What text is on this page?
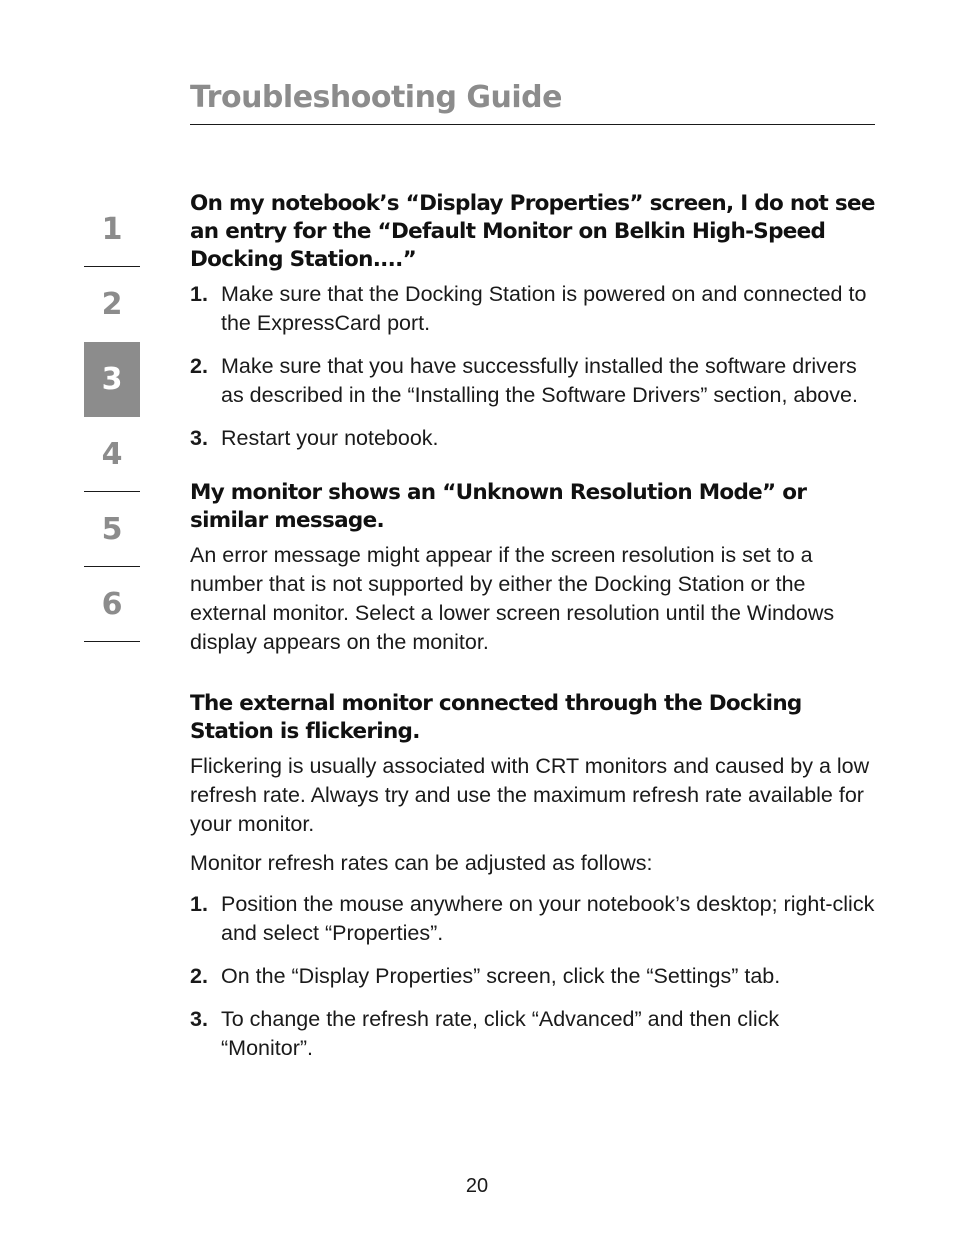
Troubleshooting Guide
1
2
3
4
5
6
On my notebook’s “Display Properties” screen, I do not see an entry for the “Default Monitor on Belkin High-Speed Docking Station....”
1. Make sure that the Docking Station is powered on and connected to the ExpressCard port.
2. Make sure that you have successfully installed the software drivers as described in the “Installing the Software Drivers” section, above.
3. Restart your notebook.
My monitor shows an “Unknown Resolution Mode” or similar message.

An error message might appear if the screen resolution is set to a number that is not supported by either the Docking Station or the external monitor. Select a lower screen resolution until the Windows display appears on the monitor.

The external monitor connected through the Docking Station is flickering.

Flickering is usually associated with CRT monitors and caused by a low refresh rate. Always try and use the maximum refresh rate available for your monitor.

Monitor refresh rates can be adjusted as follows:

1. Position the mouse anywhere on your notebook’s desktop; right-click and select “Properties”.
2. On the “Display Properties” screen, click the “Settings” tab.
3. To change the refresh rate, click “Advanced” and then click “Monitor”.
20
